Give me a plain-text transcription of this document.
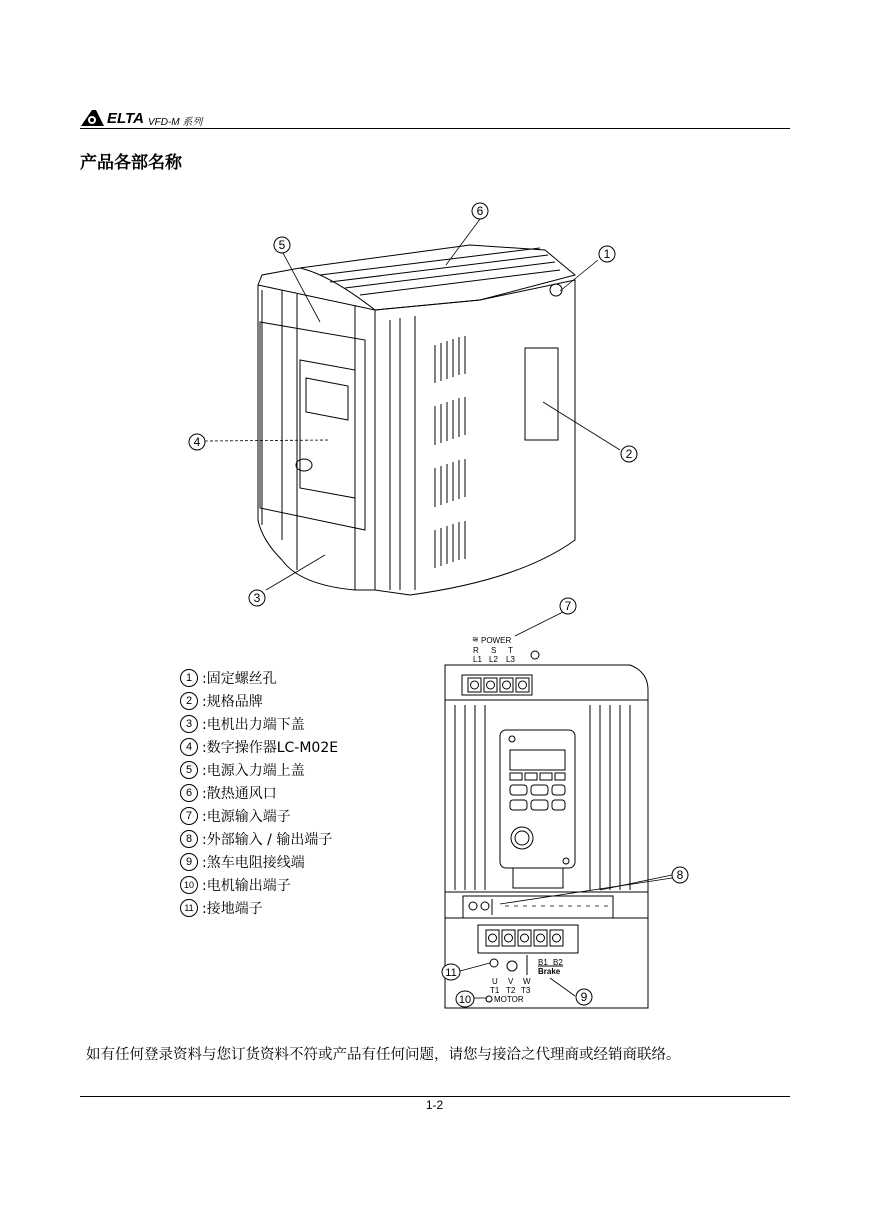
ELTA VFD-M 系列
产品各部名称
6
1
5
4
2
3
≋ POWER
R S T
L1 L2 L3
B1 B2
Brake
U V W
T1 T2 T3
MOTOR
7
8
11
9
10
1 :固定螺丝孔
2 :规格品牌
3 :电机出力端下盖
4 :数字操作器LC-M02E
5 :电源入力端上盖
6 :散热通风口
7 :电源输入端子
8 :外部输入 / 输出端子
9 :煞车电阻接线端
10 :电机输出端子
11 :接地端子
如有任何登录资料与您订货资料不符或产品有任何问题，请您与接洽之代理商或经销商联络。
1-2
